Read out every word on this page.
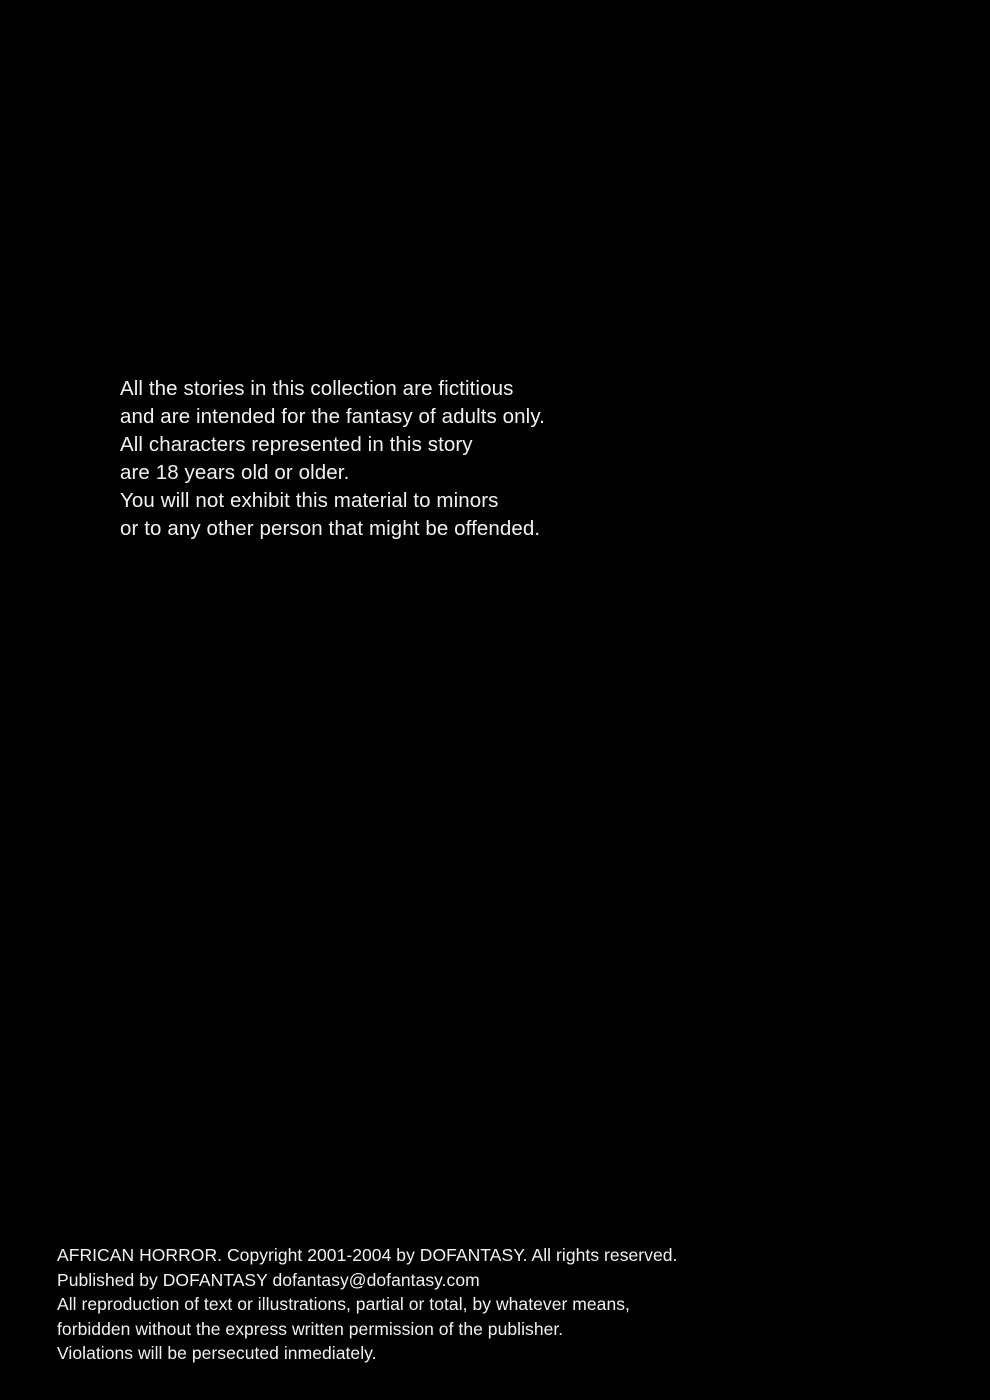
All the stories in this collection are fictitious
and are intended for the fantasy of adults only.
All characters represented in this story
are 18 years old or older.
You will not exhibit this material to minors
or to any other person that might be offended.
AFRICAN HORROR. Copyright 2001-2004 by DOFANTASY. All rights reserved.
Published by DOFANTASY dofantasy@dofantasy.com
All reproduction of text or illustrations, partial or total, by whatever means,
forbidden without the express written permission of the publisher.
Violations will be persecuted inmediately.
